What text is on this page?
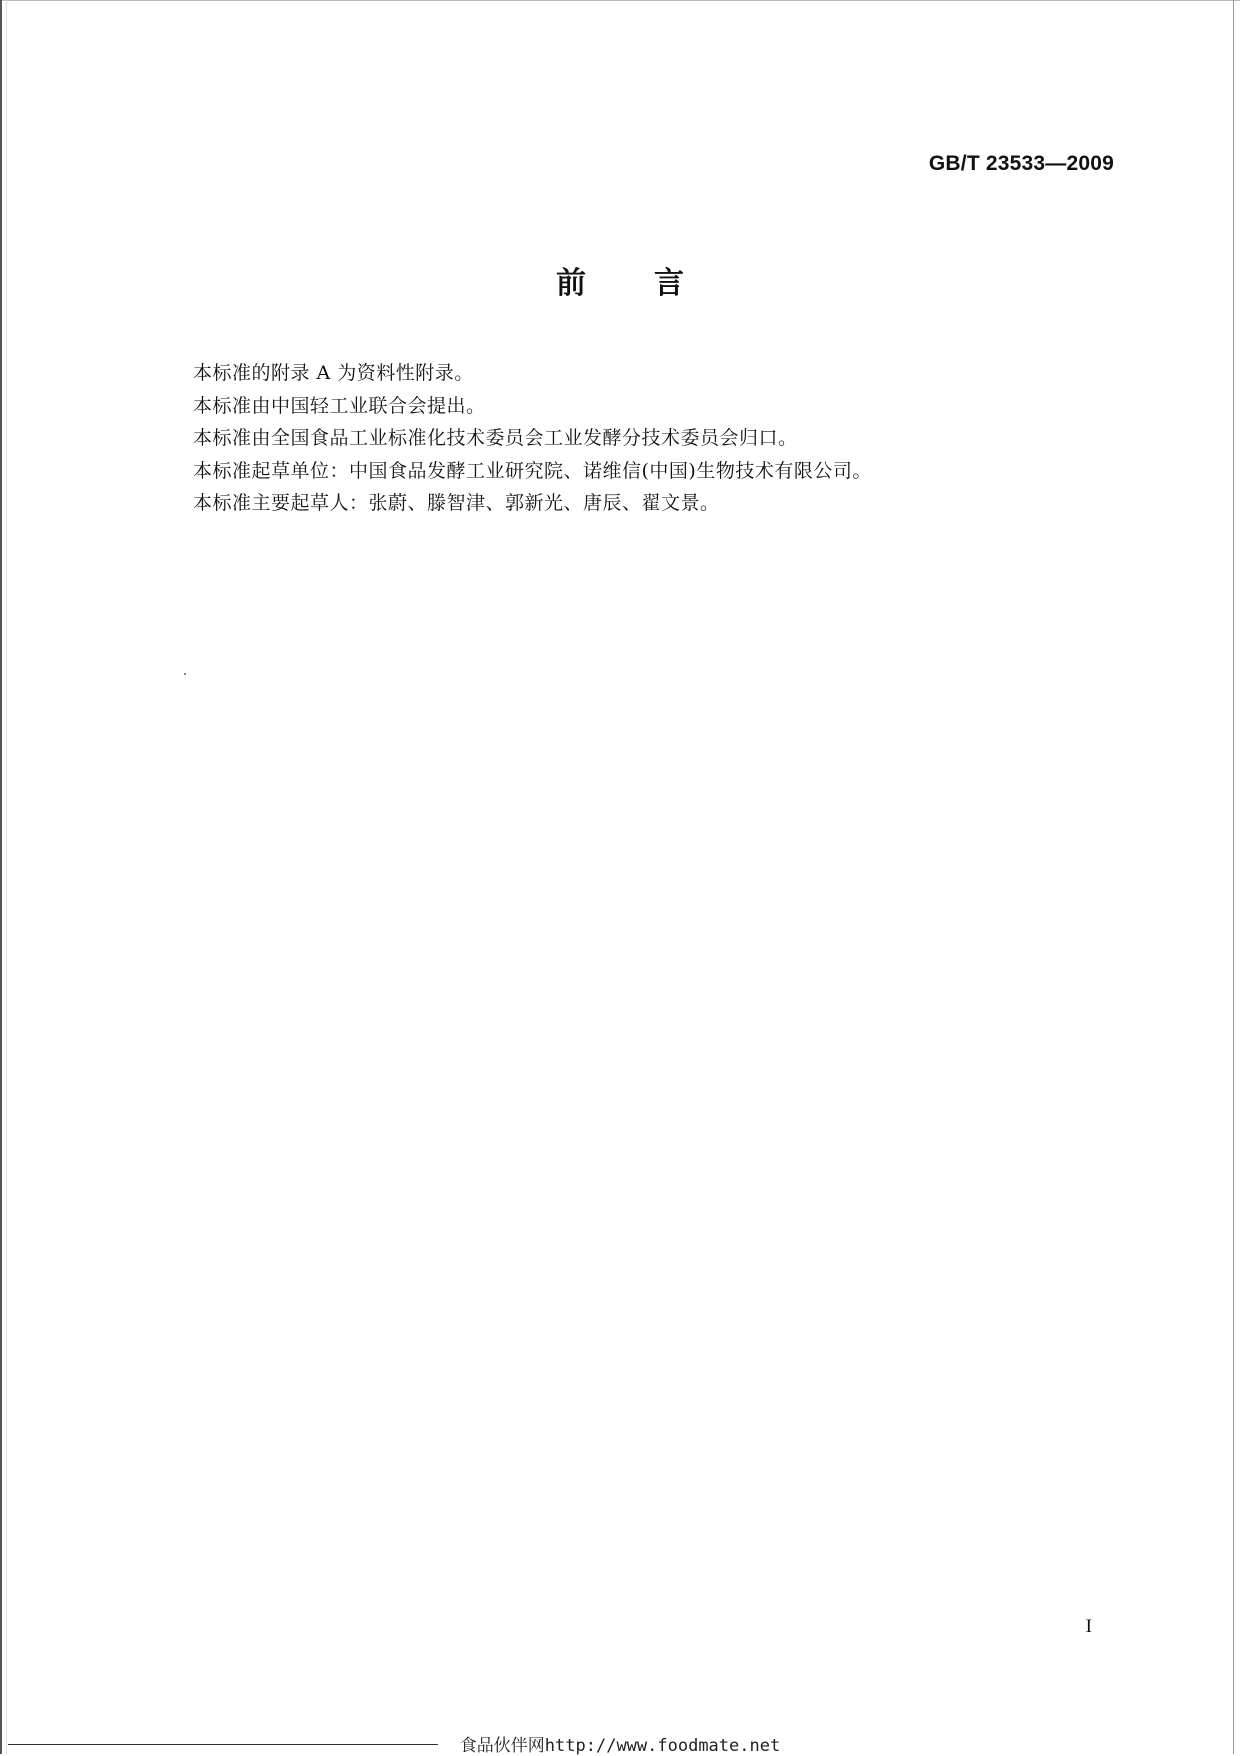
GB/T 23533—2009
前言
本标准的附录 A 为资料性附录。
本标准由中国轻工业联合会提出。
本标准由全国食品工业标准化技术委员会工业发酵分技术委员会归口。
本标准起草单位：中国食品发酵工业研究院、诺维信(中国)生物技术有限公司。
本标准主要起草人：张蔚、滕智津、郭新光、唐辰、翟文景。
I
食品伙伴网http://www.foodmate.net
